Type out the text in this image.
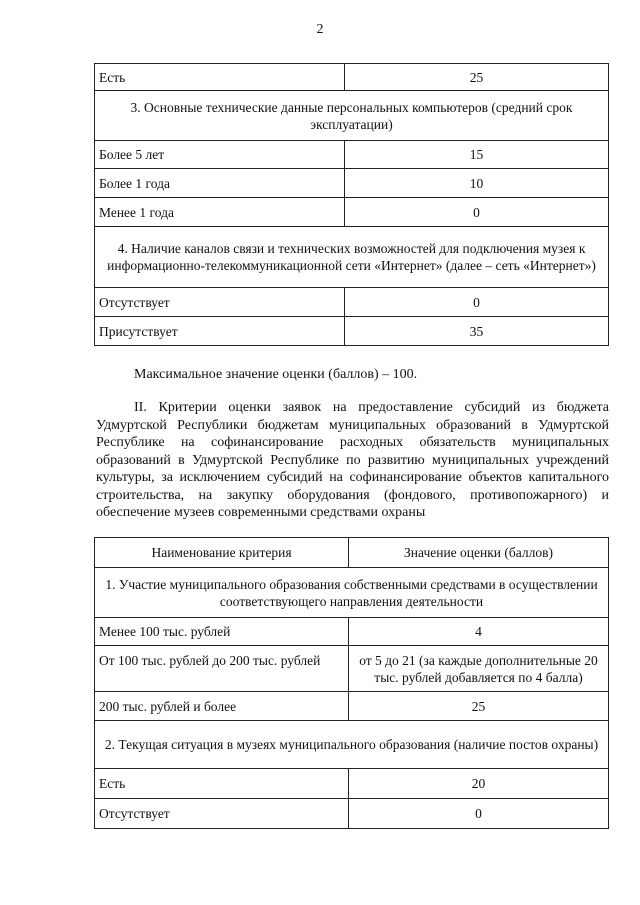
2
Есть	25
3. Основные технические данные персональных компьютеров (средний срок эксплуатации)	
Более 5 лет	15
Более 1 года	10
Менее 1 года	0
4. Наличие каналов связи и технических возможностей для подключения музея к информационно-телекоммуникационной сети «Интернет» (далее – сеть «Интернет»)	
Отсутствует	0
Присутствует	35
Максимальное значение оценки (баллов) – 100.

II. Критерии оценки заявок на предоставление субсидий из бюджета Удмуртской Республики бюджетам муниципальных образований в Удмуртской Республике на софинансирование расходных обязательств муниципальных образований в Удмуртской Республике по развитию муниципальных учреждений культуры, за исключением субсидий на софинансирование объектов капитального строительства, на закупку оборудования (фондового, противопожарного) и обеспечение музеев современными средствами охраны

Наименование критерия	Значение оценки (баллов)
1. Участие муниципального образования собственными средствами в осуществлении соответствующего направления деятельности	
Менее 100 тыс. рублей	4
От 100 тыс. рублей до 200 тыс. рублей	от 5 до 21 (за каждые дополнительные 20 тыс. рублей добавляется по 4 балла)
200 тыс. рублей и более	25
2. Текущая ситуация в музеях муниципального образования (наличие постов охраны)	
Есть	20
Отсутствует	0
